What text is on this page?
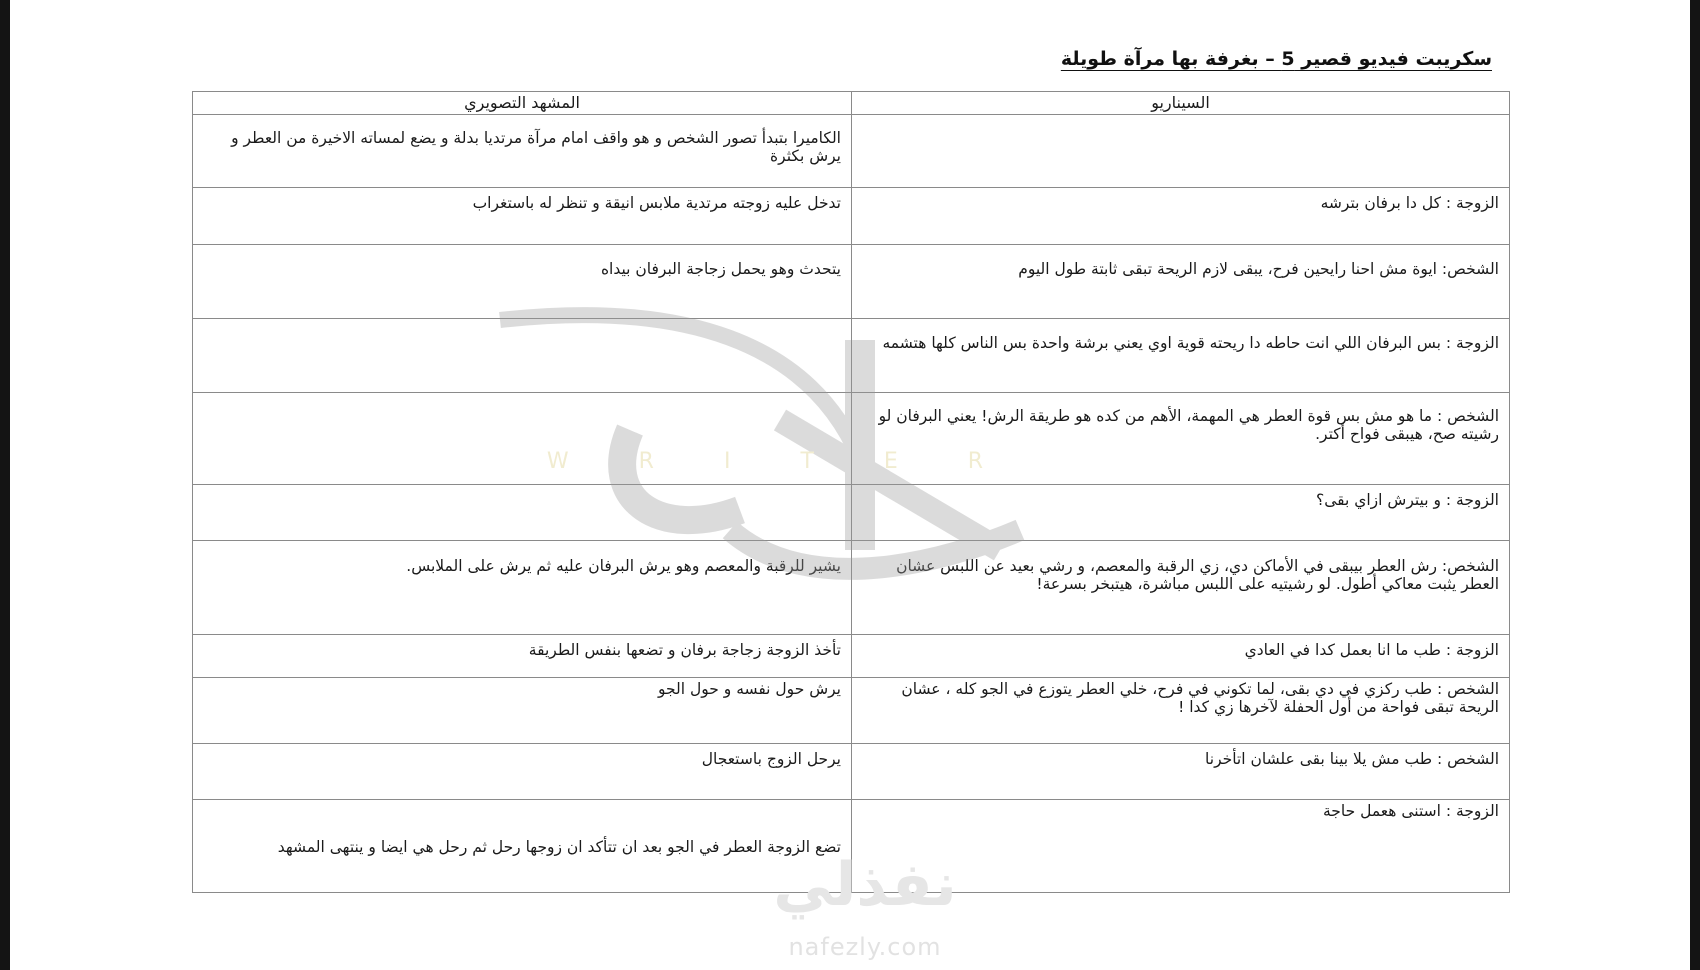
سكريبت فيديو قصير 5 – بغرفة بها مرآة طويلة
السيناريو	المشهد التصويري
	الكاميرا بتبدأ تصور الشخص و هو واقف امام مرآة مرتديا بدلة و يضع لمساته الاخيرة من العطر و يرش بكثرة
الزوجة : كل دا برفان بترشه	تدخل عليه زوجته مرتدية ملابس انيقة و تنظر له باستغراب
الشخص: ايوة مش احنا رايحين فرح، يبقى لازم الريحة تبقى ثابتة طول اليوم	يتحدث وهو يحمل زجاجة البرفان بيداه
الزوجة : بس البرفان اللي انت حاطه دا ريحته قوية اوي يعني برشة واحدة بس الناس كلها هتشمه	
الشخص : ما هو مش بس قوة العطر هي المهمة، الأهم من كده هو طريقة الرش! يعني البرفان لو رشيته صح، هيبقى فواح أكتر.	
الزوجة : و بيترش ازاي بقى؟	
الشخص: رش العطر بيبقى في الأماكن دي، زي الرقبة والمعصم، و رشي بعيد عن اللبس عشان العطر يثبت معاكي أطول. لو رشيتيه على اللبس مباشرة، هيتبخر بسرعة!	يشير للرقبة والمعصم وهو يرش البرفان عليه ثم يرش على الملابس.
الزوجة : طب ما انا بعمل كدا في العادي	تأخذ الزوجة زجاجة برفان و تضعها بنفس الطريقة
الشخص : طب ركزي في دي بقى، لما تكوني في فرح، خلي العطر يتوزع في الجو كله ، عشان الريحة تبقى فواحة من أول الحفلة لآخرها زي كدا !	يرش حول نفسه و حول الجو
الشخص : طب مش يلا بينا بقى علشان اتأخرنا	يرحل الزوج باستعجال
الزوجة : استنى هعمل حاجة	تضع الزوجة العطر في الجو بعد ان تتأكد ان زوجها رحل ثم رحل هي ايضا و ينتهى المشهد
WRITER
نفذلي
nafezly.com
